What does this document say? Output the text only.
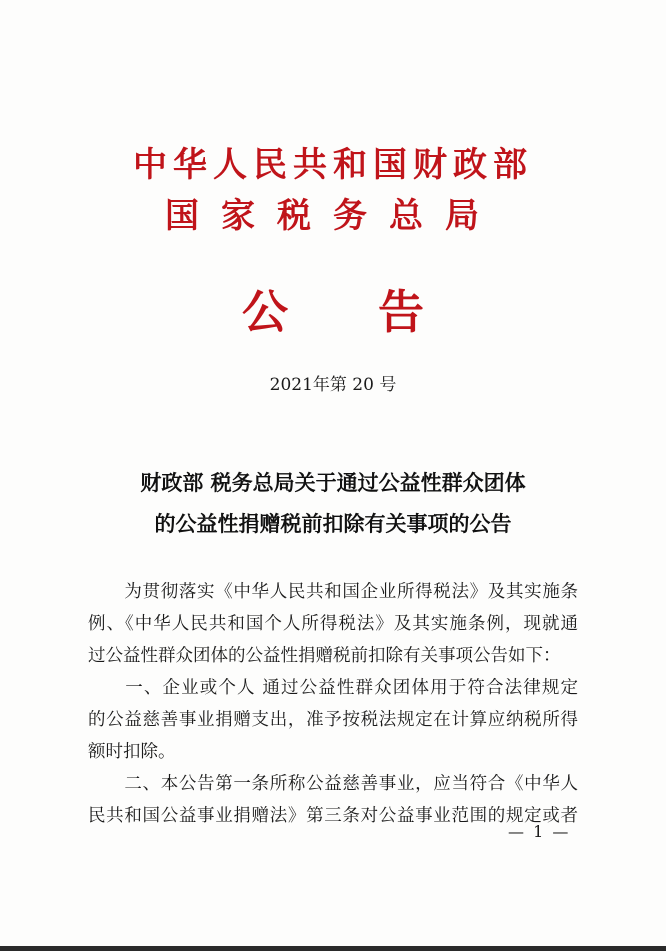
中华人民共和国财政部
国家税务总局
公告
2021年第 20 号
财政部 税务总局关于通过公益性群众团体
的公益性捐赠税前扣除有关事项的公告
　　为贯彻落实《中华人民共和国企业所得税法》及其实施条
例、《中华人民共和国个人所得税法》及其实施条例，现就通
过公益性群众团体的公益性捐赠税前扣除有关事项公告如下：
　　一、企业或个人 通过公益性群众团体用于符合法律规定
的公益慈善事业捐赠支出，准予按税法规定在计算应纳税所得
额时扣除。
　　二、本公告第一条所称公益慈善事业，应当符合《中华人
民共和国公益事业捐赠法》第三条对公益事业范围的规定或者
— 1 —
